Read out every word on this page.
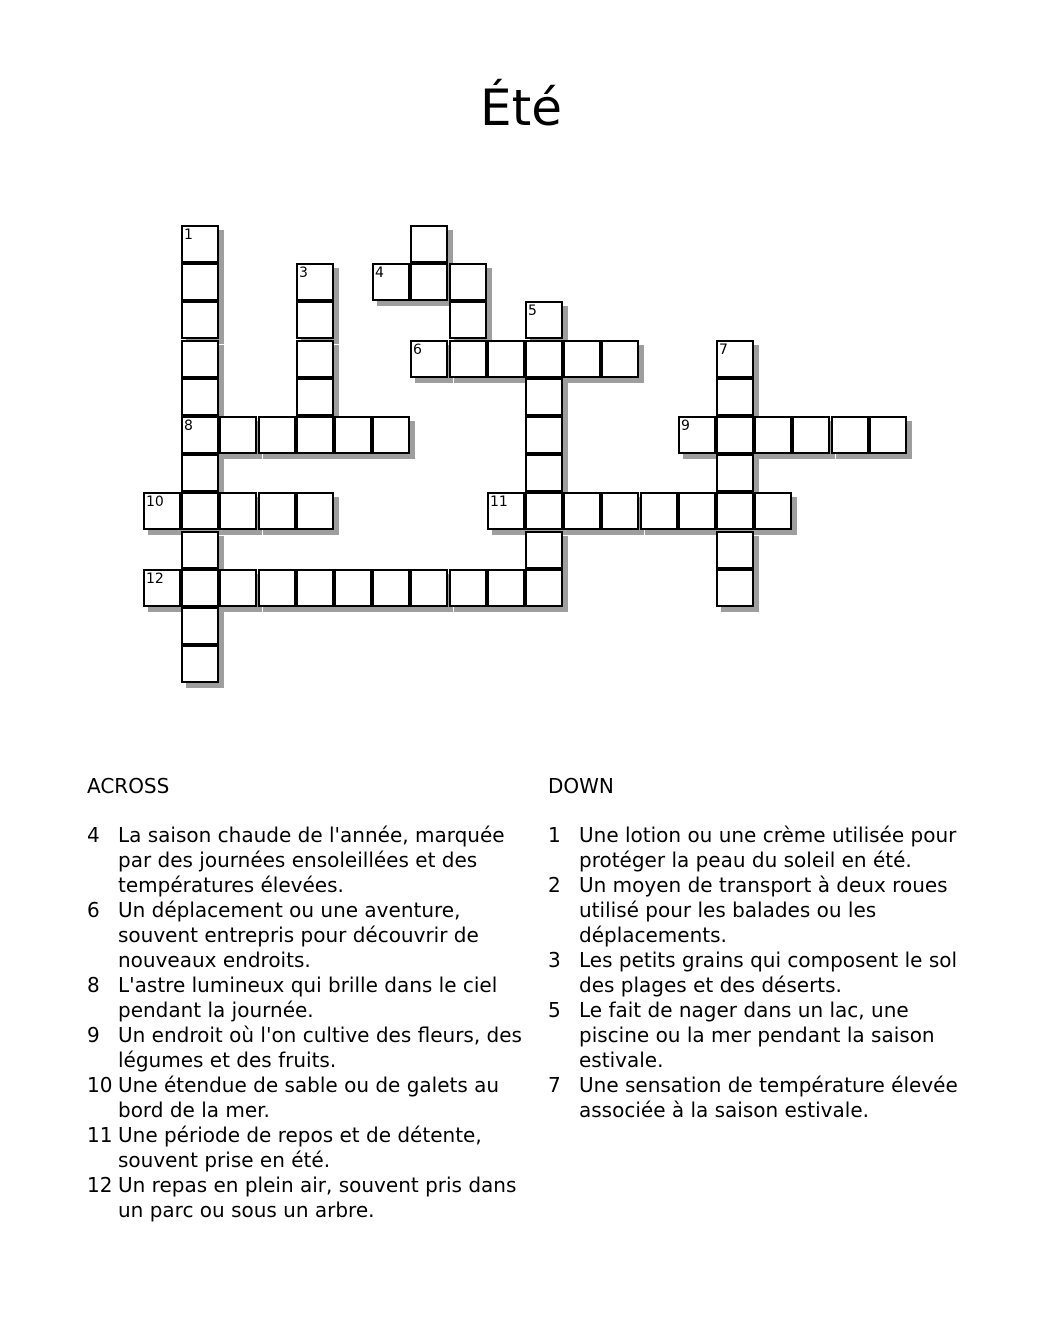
Été
1
3	4
5
6	7
8	9
10	11
12
ACROSS	DOWN
4 La saison chaude de l'année, marquée par des journées ensoleillées et des températures élevées.
6 Un déplacement ou une aventure, souvent entrepris pour découvrir de nouveaux endroits.
8 L'astre lumineux qui brille dans le ciel pendant la journée.
9 Un endroit où l'on cultive des fleurs, des légumes et des fruits.
10 Une étendue de sable ou de galets au bord de la mer.
11 Une période de repos et de détente, souvent prise en été.
12 Un repas en plein air, souvent pris dans un parc ou sous un arbre.
1 Une lotion ou une crème utilisée pour protéger la peau du soleil en été.
2 Un moyen de transport à deux roues utilisé pour les balades ou les déplacements.
3 Les petits grains qui composent le sol des plages et des déserts.
5 Le fait de nager dans un lac, une piscine ou la mer pendant la saison estivale.
7 Une sensation de température élevée associée à la saison estivale.
